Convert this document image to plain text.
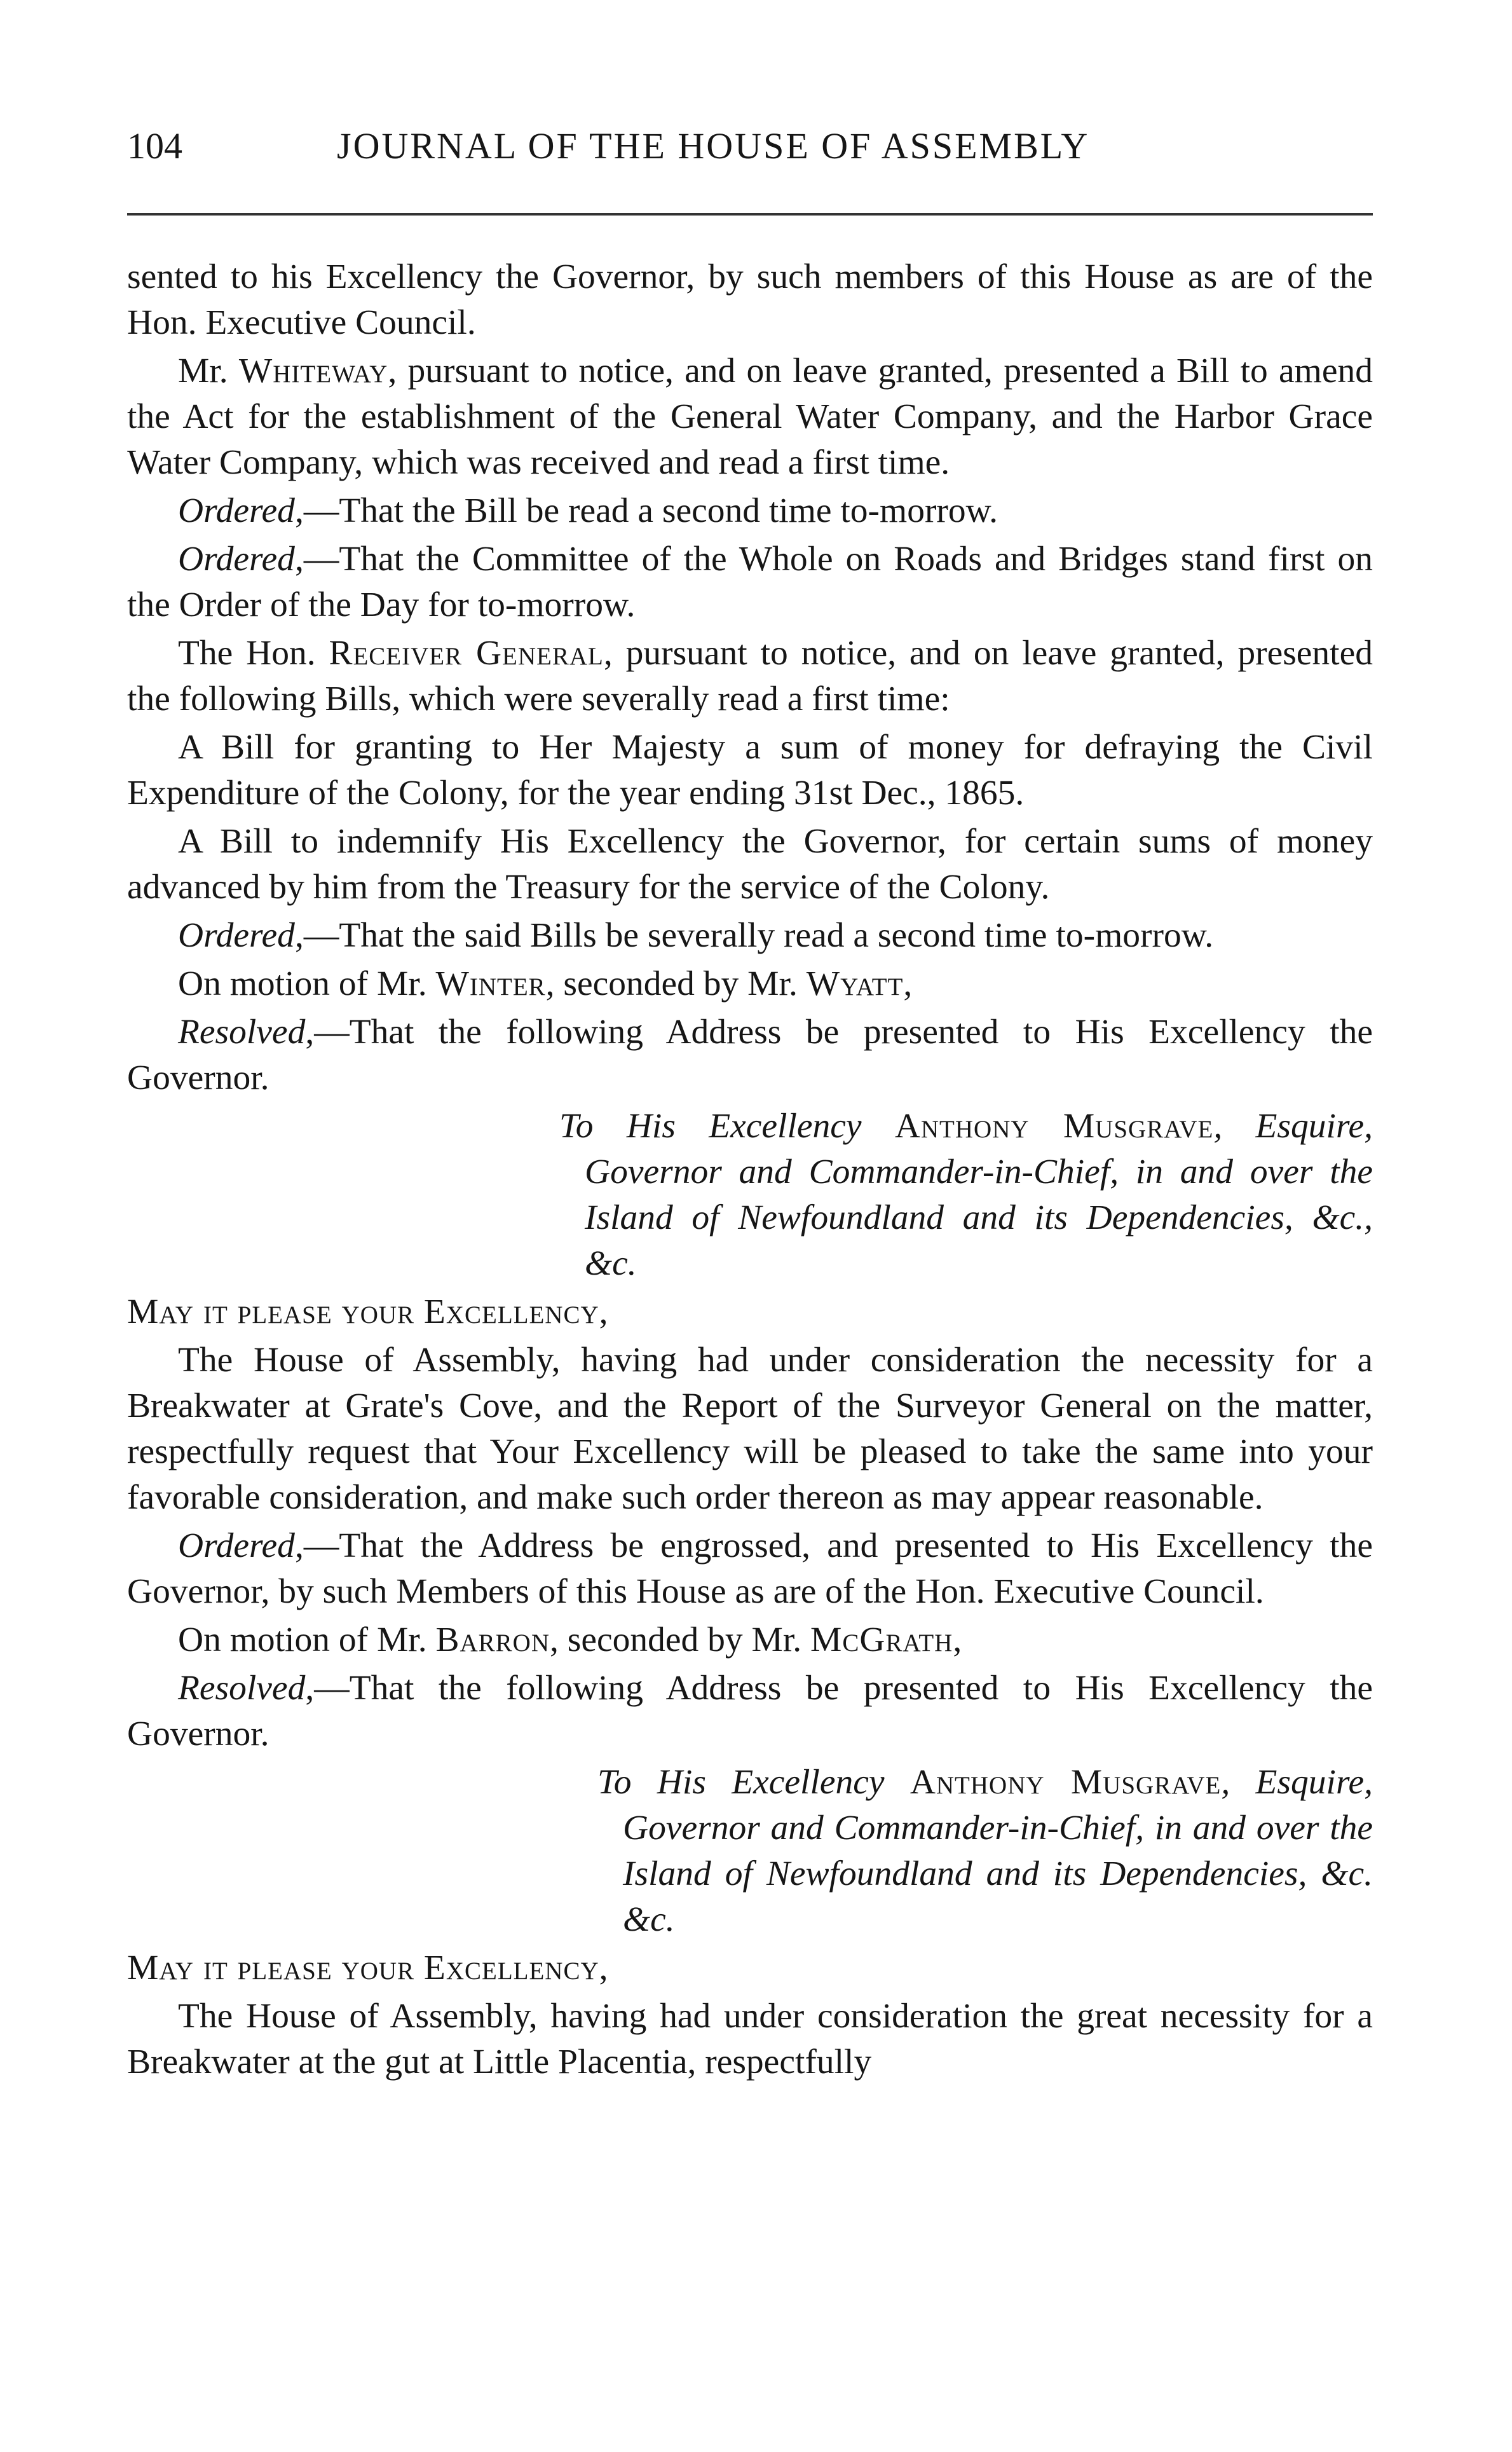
104	JOURNAL OF THE HOUSE OF ASSEMBLY

sented to his Excellency the Governor, by such members of this House as are of the Hon. Executive Council.

Mr. Whiteway, pursuant to notice, and on leave granted, presented a Bill to amend the Act for the establishment of the General Water Company, and the Harbor Grace Water Company, which was received and read a first time.

Ordered,—That the Bill be read a second time to-morrow.

Ordered,—That the Committee of the Whole on Roads and Bridges stand first on the Order of the Day for to-morrow.

The Hon. Receiver General, pursuant to notice, and on leave granted, presented the following Bills, which were severally read a first time:

A Bill for granting to Her Majesty a sum of money for defraying the Civil Expenditure of the Colony, for the year ending 31st Dec., 1865.

A Bill to indemnify His Excellency the Governor, for certain sums of money advanced by him from the Treasury for the service of the Colony.

Ordered,—That the said Bills be severally read a second time to-morrow.

On motion of Mr. Winter, seconded by Mr. Wyatt,

Resolved,—That the following Address be presented to His Excellency the Governor.

To His Excellency Anthony Musgrave, Esquire, Governor and Commander-in-Chief, in and over the Island of Newfoundland and its Dependencies, &c., &c.

May it please your Excellency,

The House of Assembly, having had under consideration the necessity for a Breakwater at Grate's Cove, and the Report of the Surveyor General on the matter, respectfully request that Your Excellency will be pleased to take the same into your favorable consideration, and make such order thereon as may appear reasonable.

Ordered,—That the Address be engrossed, and presented to His Excellency the Governor, by such Members of this House as are of the Hon. Executive Council.

On motion of Mr. Barron, seconded by Mr. McGrath,

Resolved,—That the following Address be presented to His Excellency the Governor.

To His Excellency Anthony Musgrave, Esquire, Governor and Commander-in-Chief, in and over the Island of Newfoundland and its Dependencies, &c. &c.

May it please your Excellency,

The House of Assembly, having had under consideration the great necessity for a Breakwater at the gut at Little Placentia, respectfully
